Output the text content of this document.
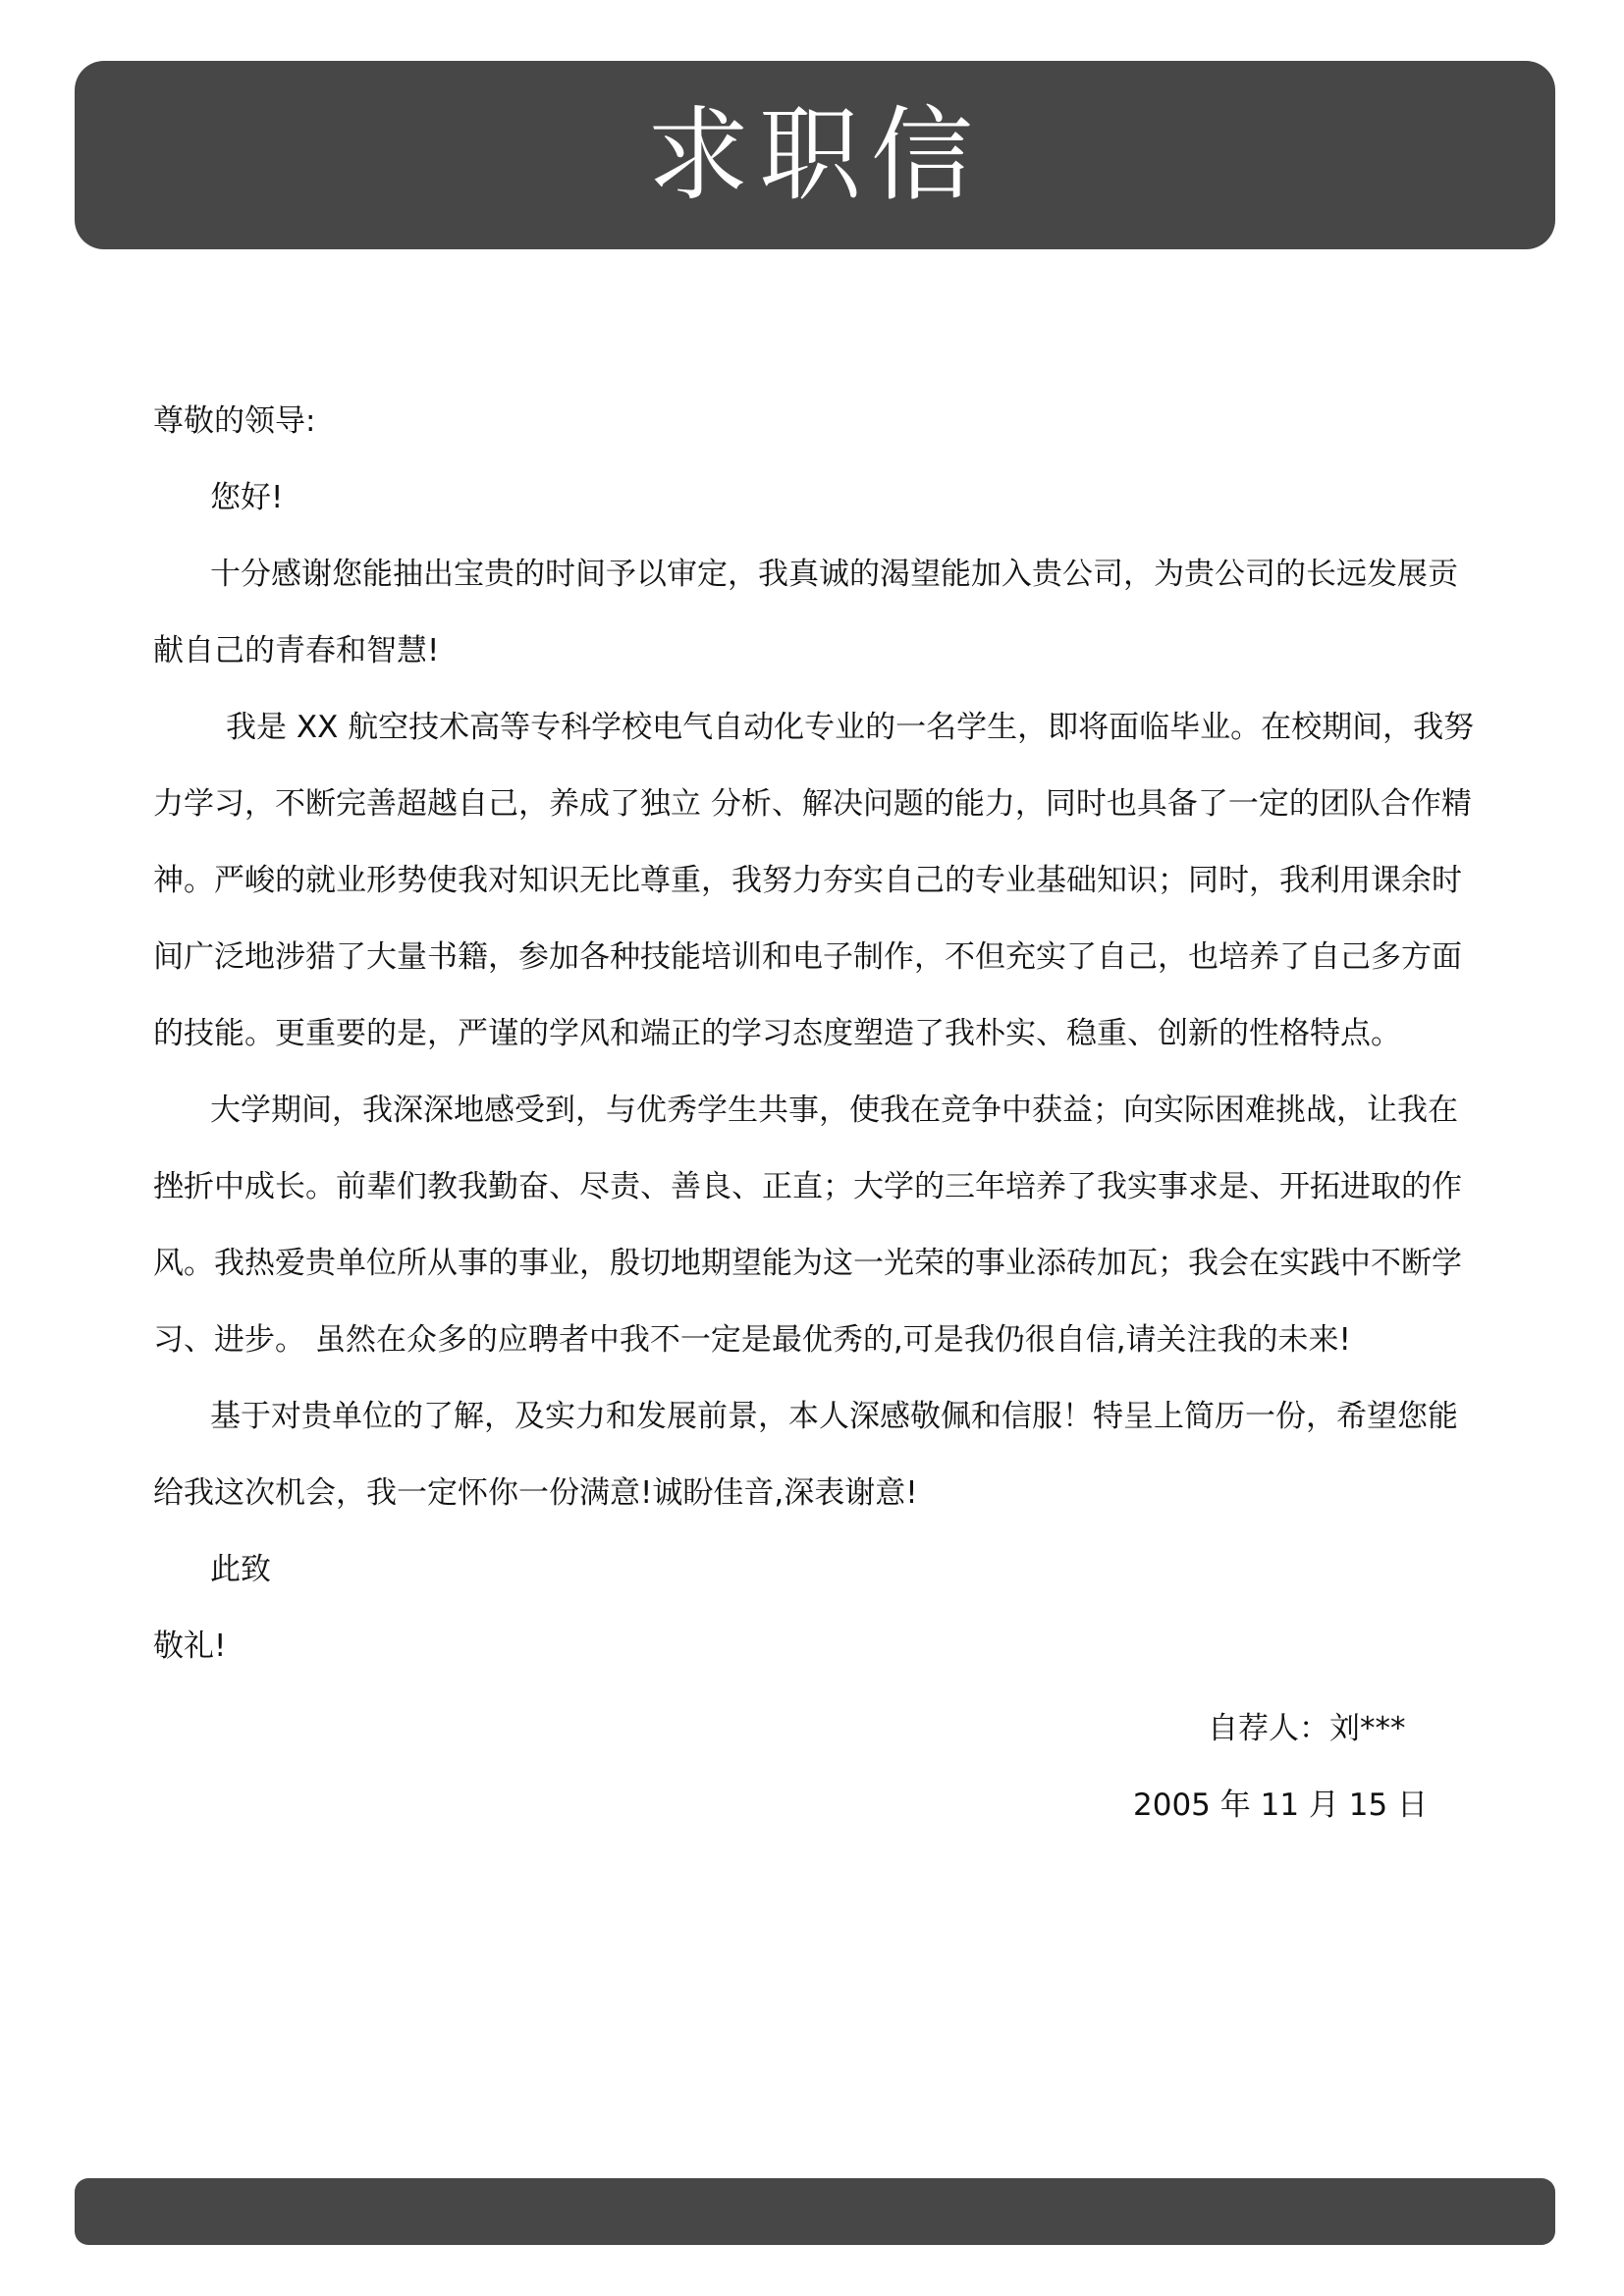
求职信

尊敬的领导:

您好!

十分感谢您能抽出宝贵的时间予以审定，我真诚的渴望能加入贵公司，为贵公司的长远发展贡献自己的青春和智慧!

我是 XX 航空技术高等专科学校电气自动化专业的一名学生，即将面临毕业。在校期间，我努力学习，不断完善超越自己，养成了独立 分析、解决问题的能力，同时也具备了一定的团队合作精神。严峻的就业形势使我对知识无比尊重，我努力夯实自己的专业基础知识；同时，我利用课余时间广泛地涉猎了大量书籍，参加各种技能培训和电子制作，不但充实了自己，也培养了自己多方面的技能。更重要的是，严谨的学风和端正的学习态度塑造了我朴实、稳重、创新的性格特点。

大学期间，我深深地感受到，与优秀学生共事，使我在竞争中获益；向实际困难挑战，让我在挫折中成长。前辈们教我勤奋、尽责、善良、正直；大学的三年培养了我实事求是、开拓进取的作风。我热爱贵单位所从事的事业，殷切地期望能为这一光荣的事业添砖加瓦；我会在实践中不断学习、进步。 虽然在众多的应聘者中我不一定是最优秀的,可是我仍很自信,请关注我的未来!

基于对贵单位的了解，及实力和发展前景，本人深感敬佩和信服！特呈上简历一份，希望您能给我这次机会，我一定怀你一份满意!诚盼佳音,深表谢意!

此致

敬礼!

自荐人：刘***
2005 年 11 月 15 日
